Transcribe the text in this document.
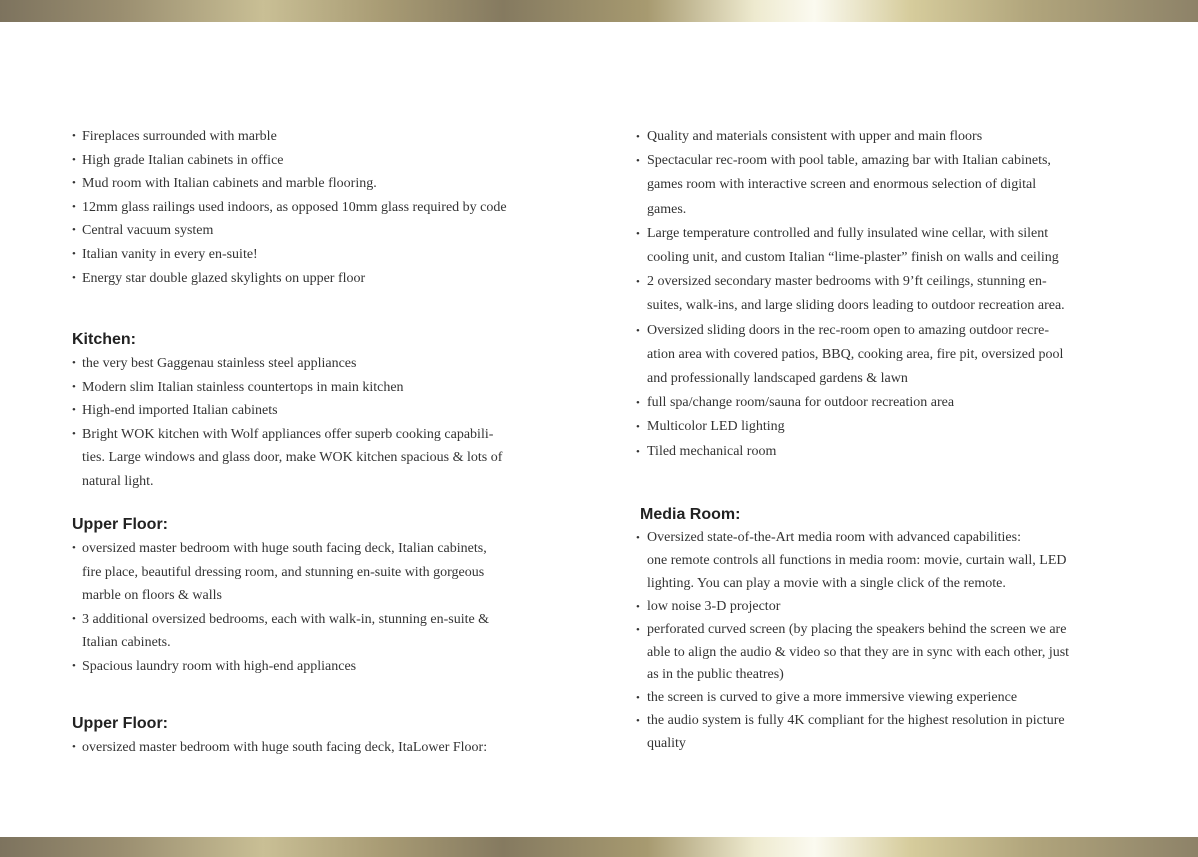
• Fireplaces surrounded with marble
• High grade Italian cabinets in office
• Mud room with Italian cabinets and marble flooring.
• 12mm glass railings used indoors, as opposed 10mm glass required by code
• Central vacuum system
• Italian vanity in every en-suite!
• Energy star double glazed skylights on upper floor
Kitchen:
• the very best Gaggenau stainless steel appliances
• Modern slim Italian stainless countertops in main kitchen
• High-end imported Italian cabinets
• Bright WOK kitchen with Wolf appliances offer superb cooking capabili-
ties. Large windows and glass door, make WOK kitchen spacious & lots of
natural light.
Upper Floor:
• oversized master bedroom with huge south facing deck, Italian cabinets,
fire place, beautiful dressing room, and stunning en-suite with gorgeous
marble on floors & walls
• 3 additional oversized bedrooms, each with walk-in, stunning en-suite &
Italian cabinets.
• Spacious laundry room with high-end appliances
Upper Floor:
• oversized master bedroom with huge south facing deck, ItaLower Floor:
• Quality and materials consistent with upper and main floors
• Spectacular rec-room with pool table, amazing bar with Italian cabinets,
games room with interactive screen and enormous selection of digital
games.
• Large temperature controlled and fully insulated wine cellar, with silent
cooling unit, and custom Italian “lime-plaster” finish on walls and ceiling
• 2 oversized secondary master bedrooms with 9’ft ceilings, stunning en-
suites, walk-ins, and large sliding doors leading to outdoor recreation area.
• Oversized sliding doors in the rec-room open to amazing outdoor recre-
ation area with covered patios, BBQ, cooking area, fire pit, oversized pool
and professionally landscaped gardens & lawn
• full spa/change room/sauna for outdoor recreation area
• Multicolor LED lighting
• Tiled mechanical room
Media Room:
• Oversized state-of-the-Art media room with advanced capabilities:
one remote controls all functions in media room: movie, curtain wall, LED
lighting. You can play a movie with a single click of the remote.
• low noise 3-D projector
• perforated curved screen (by placing the speakers behind the screen we are
able to align the audio & video so that they are in sync with each other, just
as in the public theatres)
• the screen is curved to give a more immersive viewing experience
• the audio system is fully 4K compliant for the highest resolution in picture
quality
